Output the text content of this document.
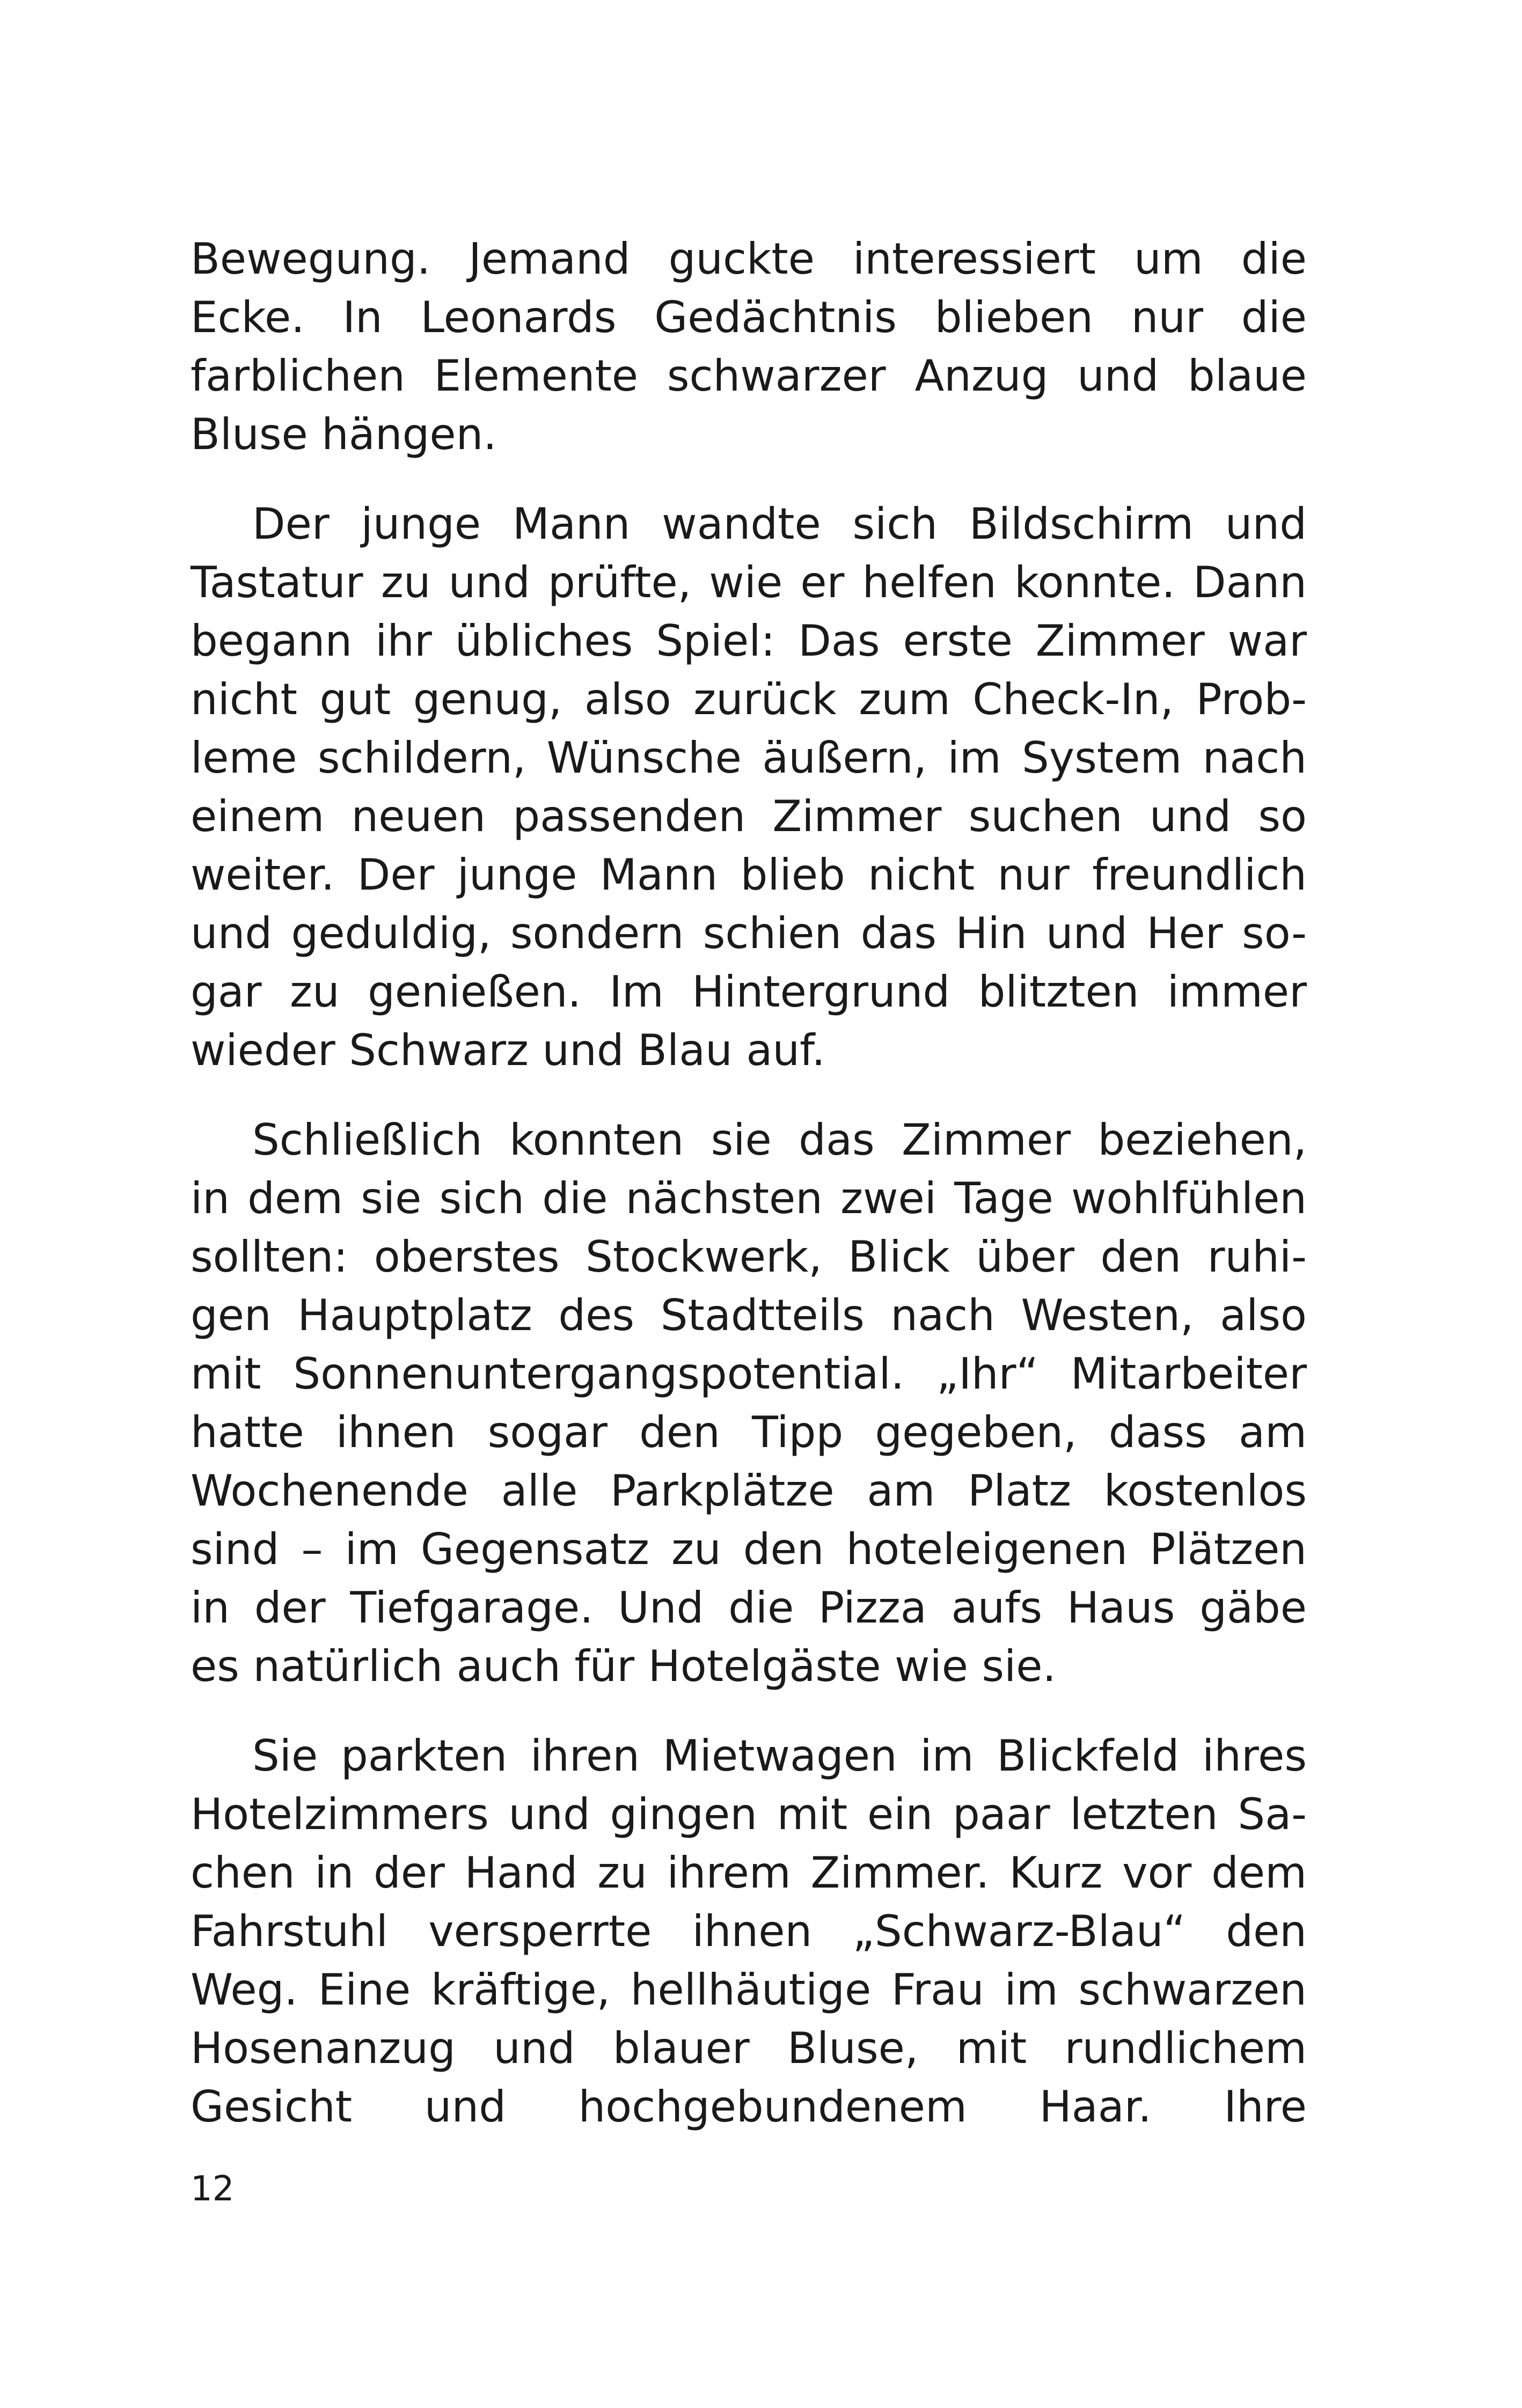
Bewegung. Jemand guckte interessiert um die
Ecke. In Leonards Gedächtnis blieben nur die
farblichen Elemente schwarzer Anzug und blaue
Bluse hängen.

Der junge Mann wandte sich Bildschirm und
Tastatur zu und prüfte, wie er helfen konnte. Dann
begann ihr übliches Spiel: Das erste Zimmer war
nicht gut genug, also zurück zum Check-In, Prob-
leme schildern, Wünsche äußern, im System nach
einem neuen passenden Zimmer suchen und so
weiter. Der junge Mann blieb nicht nur freundlich
und geduldig, sondern schien das Hin und Her so-
gar zu genießen. Im Hintergrund blitzten immer
wieder Schwarz und Blau auf.

Schließlich konnten sie das Zimmer beziehen,
in dem sie sich die nächsten zwei Tage wohlfühlen
sollten: oberstes Stockwerk, Blick über den ruhi-
gen Hauptplatz des Stadtteils nach Westen, also
mit Sonnenuntergangspotential. „Ihr“ Mitarbeiter
hatte ihnen sogar den Tipp gegeben, dass am
Wochenende alle Parkplätze am Platz kostenlos
sind – im Gegensatz zu den hoteleigenen Plätzen
in der Tiefgarage. Und die Pizza aufs Haus gäbe
es natürlich auch für Hotelgäste wie sie.

Sie parkten ihren Mietwagen im Blickfeld ihres
Hotelzimmers und gingen mit ein paar letzten Sa-
chen in der Hand zu ihrem Zimmer. Kurz vor dem
Fahrstuhl versperrte ihnen „Schwarz-Blau“ den
Weg. Eine kräftige, hellhäutige Frau im schwarzen
Hosenanzug und blauer Bluse, mit rundlichem
Gesicht und hochgebundenem Haar. Ihre

12
